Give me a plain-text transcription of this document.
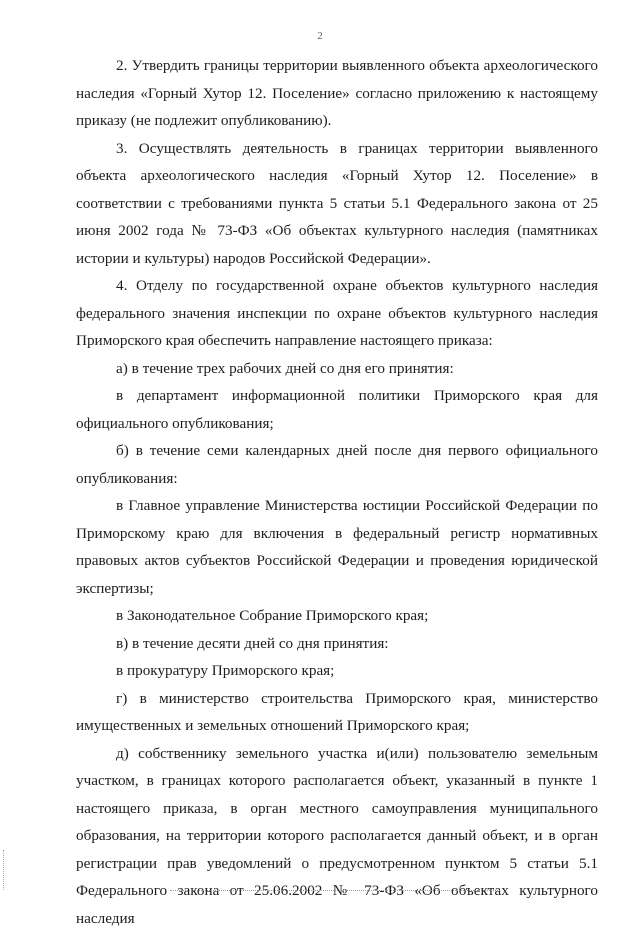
2

2. Утвердить границы территории выявленного объекта археологического наследия «Горный Хутор 12. Поселение» согласно приложению к настоящему приказу (не подлежит опубликованию).

3. Осуществлять деятельность в границах территории выявленного объекта археологического наследия «Горный Хутор 12. Поселение» в соответствии с требованиями пункта 5 статьи 5.1 Федерального закона от 25 июня 2002 года № 73-ФЗ «Об объектах культурного наследия (памятниках истории и культуры) народов Российской Федерации».

4. Отделу по государственной охране объектов культурного наследия федерального значения инспекции по охране объектов культурного наследия Приморского края обеспечить направление настоящего приказа:

а) в течение трех рабочих дней со дня его принятия:

в департамент информационной политики Приморского края для официального опубликования;

б) в течение семи календарных дней после дня первого официального опубликования:

в Главное управление Министерства юстиции Российской Федерации по Приморскому краю для включения в федеральный регистр нормативных правовых актов субъектов Российской Федерации и проведения юридической экспертизы;

в Законодательное Собрание Приморского края;

в) в течение десяти дней со дня принятия:

в прокуратуру Приморского края;

г) в министерство строительства Приморского края, министерство имущественных и земельных отношений Приморского края;

д) собственнику земельного участка и(или) пользователю земельным участком, в границах которого располагается объект, указанный в пункте 1 настоящего приказа, в орган местного самоуправления муниципального образования, на территории которого располагается данный объект, и в орган регистрации прав уведомлений о предусмотренном пунктом 5 статьи 5.1 Федерального закона от 25.06.2002 № 73-ФЗ «Об объектах культурного наследия
